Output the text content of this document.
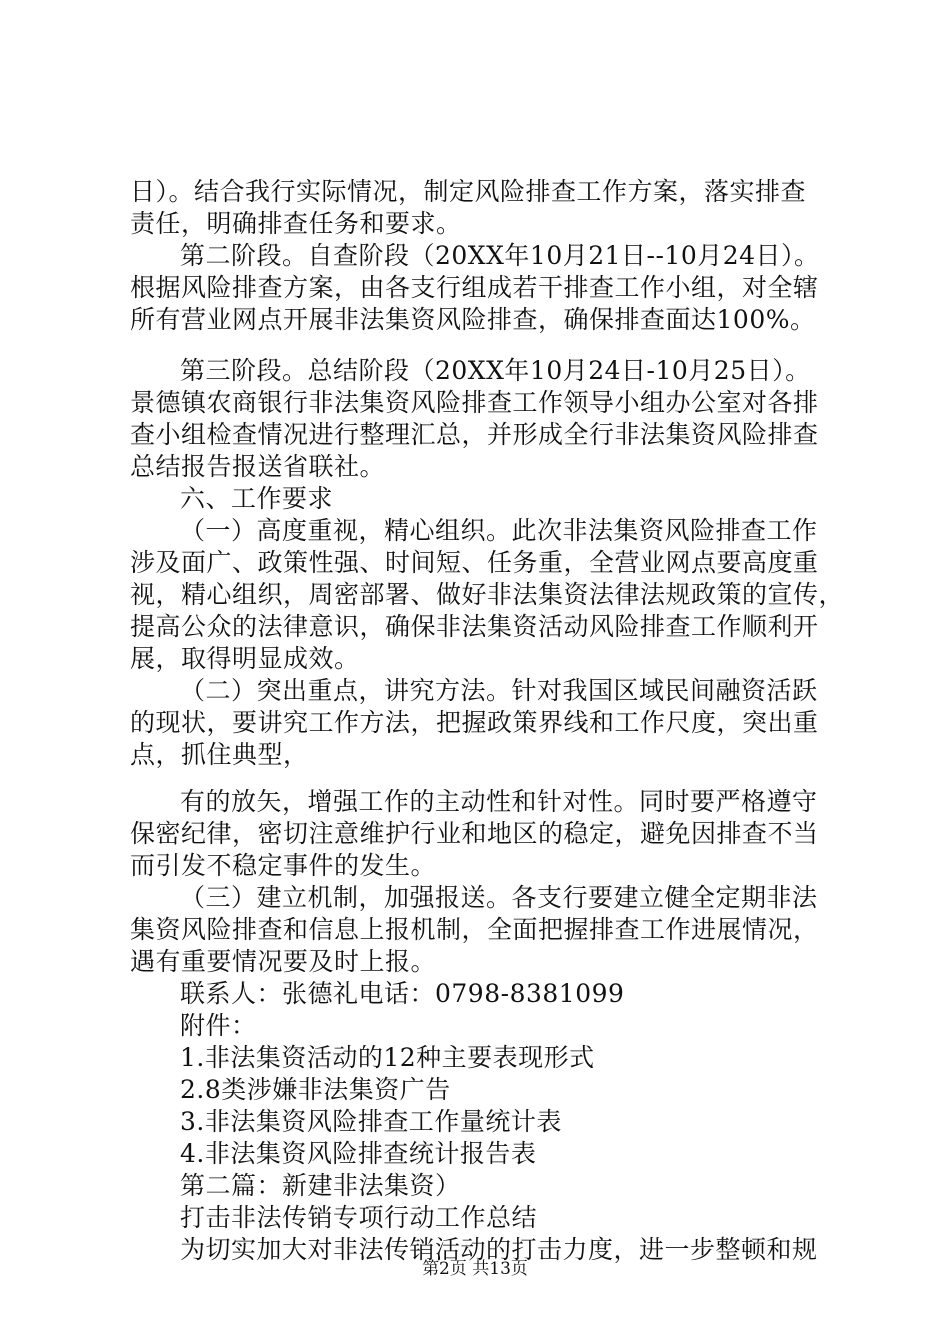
日）。结合我行实际情况，制定风险排查工作方案，落实排查
责任，明确排查任务和要求。
第二阶段。自查阶段（20XX年10月21日--10月24日）。
根据风险排查方案，由各支行组成若干排查工作小组，对全辖
所有营业网点开展非法集资风险排查，确保排查面达100%。
第三阶段。总结阶段（20XX年10月24日-10月25日）。
景德镇农商银行非法集资风险排查工作领导小组办公室对各排
查小组检查情况进行整理汇总，并形成全行非法集资风险排查
总结报告报送省联社。
六、工作要求
（一）高度重视，精心组织。此次非法集资风险排查工作
涉及面广、政策性强、时间短、任务重，全营业网点要高度重
视，精心组织，周密部署、做好非法集资法律法规政策的宣传，
提高公众的法律意识，确保非法集资活动风险排查工作顺利开
展，取得明显成效。
（二）突出重点，讲究方法。针对我国区域民间融资活跃
的现状，要讲究工作方法，把握政策界线和工作尺度，突出重
点，抓住典型，
有的放矢，增强工作的主动性和针对性。同时要严格遵守
保密纪律，密切注意维护行业和地区的稳定，避免因排查不当
而引发不稳定事件的发生。
（三）建立机制，加强报送。各支行要建立健全定期非法
集资风险排查和信息上报机制，全面把握排查工作进展情况，
遇有重要情况要及时上报。
联系人：张德礼电话：0798-8381099
附件：
1.非法集资活动的12种主要表现形式
2.8类涉嫌非法集资广告
3.非法集资风险排查工作量统计表
4.非法集资风险排查统计报告表
第二篇：新建非法集资）
打击非法传销专项行动工作总结
为切实加大对非法传销活动的打击力度，进一步整顿和规
第2页 共13页
